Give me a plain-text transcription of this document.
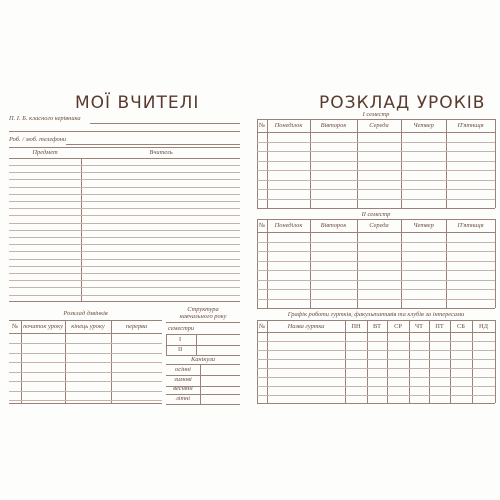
МОЇ ВЧИТЕЛІ
П. І. Б. класного керівника
Роб. / моб. телефони
Предмет	Вчитель
Розклад дзвінків
№ початок уроку	кінець уроку	перерва
Структура
навчального року
семестри
I
II
Канікули
осінні
зимові
весняні
літні
РОЗКЛАД УРОКІВ
І семестр
№	Понеділок	Вівторок	Середа	Четвер	П'ятниця
ІІ семестр
№	Понеділок	Вівторок	Середа	Четвер	П'ятниця
Графік роботи гуртків, факультативів та клубів за інтересами
№	Назва гуртка	ПН	ВТ	СР	ЧТ	ПТ	СБ	НД
